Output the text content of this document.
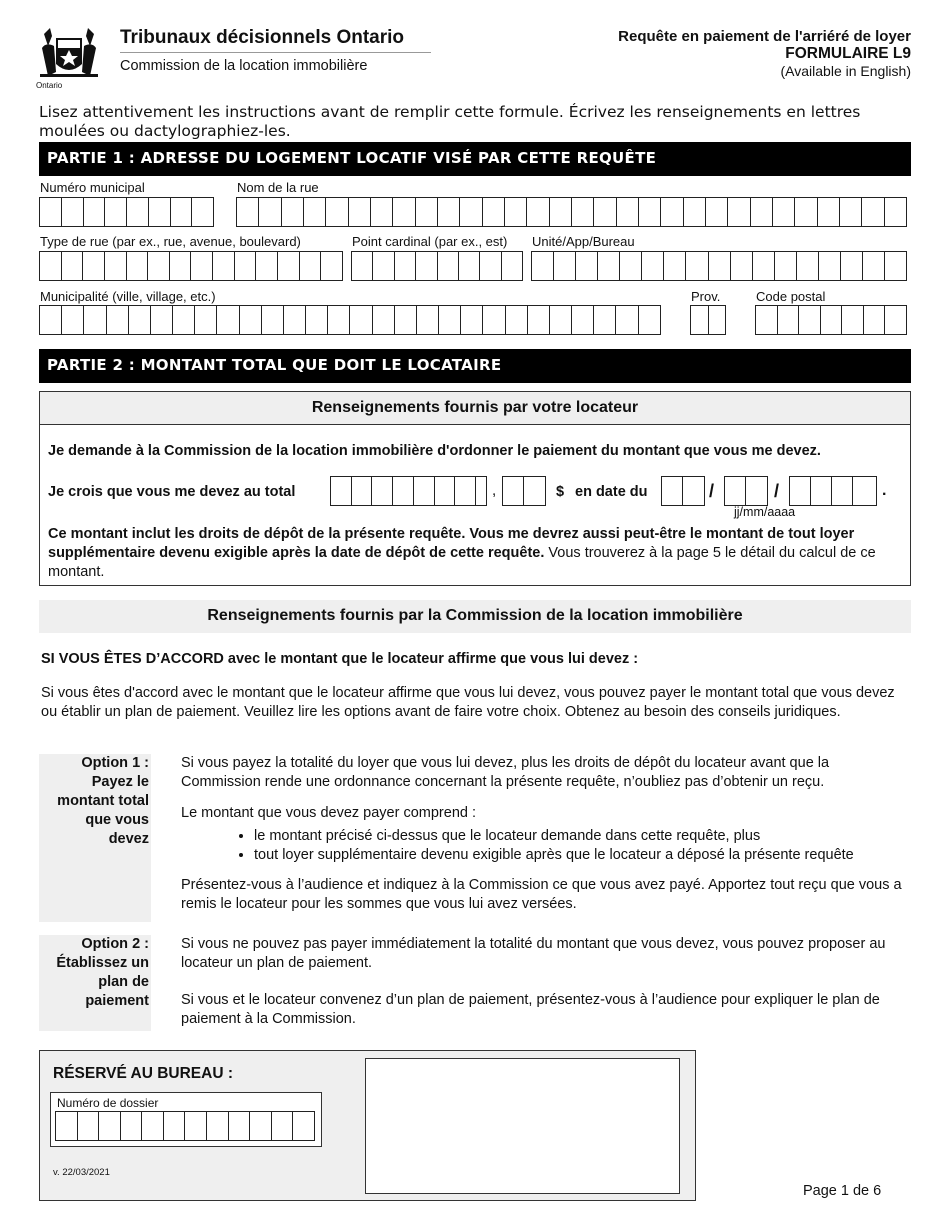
Ontario
Tribunaux décisionnels Ontario
Commission de la location immobilière
Requête en paiement de l'arriéré de loyer
FORMULAIRE L9
(Available in English)
Lisez attentivement les instructions avant de remplir cette formule. Écrivez les renseignements en lettres moulées ou dactylographiez-les.
PARTIE 1 : ADRESSE DU LOGEMENT LOCATIF VISÉ PAR CETTE REQUÊTE
Numéro municipal	Nom de la rue
Type de rue (par ex., rue, avenue, boulevard)	Point cardinal (par ex., est) Unité/App/Bureau
Municipalité (ville, village, etc.)	Prov.	Code postal
PARTIE 2 : MONTANT TOTAL QUE DOIT LE LOCATAIRE
Renseignements fournis par votre locateur
Je demande à la Commission de la location immobilière d'ordonner le paiement du montant que vous me devez.
Je crois que vous me devez au total	,	$ en date du	/	/	.
jj/mm/aaaa
Ce montant inclut les droits de dépôt de la présente requête. Vous me devrez aussi peut-être le montant de tout loyer supplémentaire devenu exigible après la date de dépôt de cette requête. Vous trouverez à la page 5 le détail du calcul de ce montant.
Renseignements fournis par la Commission de la location immobilière
SI VOUS ÊTES D’ACCORD avec le montant que le locateur affirme que vous lui devez :
Si vous êtes d'accord avec le montant que le locateur affirme que vous lui devez, vous pouvez payer le montant total que vous devez ou établir un plan de paiement. Veuillez lire les options avant de faire votre choix. Obtenez au besoin des conseils juridiques.
Option 1 : Payez le montant total que vous devez
Si vous payez la totalité du loyer que vous lui devez, plus les droits de dépôt du locateur avant que la Commission rende une ordonnance concernant la présente requête, n’oubliez pas d’obtenir un reçu.
Le montant que vous devez payer comprend :
• le montant précisé ci-dessus que le locateur demande dans cette requête, plus
• tout loyer supplémentaire devenu exigible après que le locateur a déposé la présente requête
Présentez-vous à l’audience et indiquez à la Commission ce que vous avez payé. Apportez tout reçu que vous a remis le locateur pour les sommes que vous lui avez versées.
Option 2 : Établissez un plan de paiement
Si vous ne pouvez pas payer immédiatement la totalité du montant que vous devez, vous pouvez proposer au locateur un plan de paiement.
Si vous et le locateur convenez d’un plan de paiement, présentez-vous à l’audience pour expliquer le plan de paiement à la Commission.
RÉSERVÉ AU BUREAU :
Numéro de dossier
v. 22/03/2021
Page 1 de 6
